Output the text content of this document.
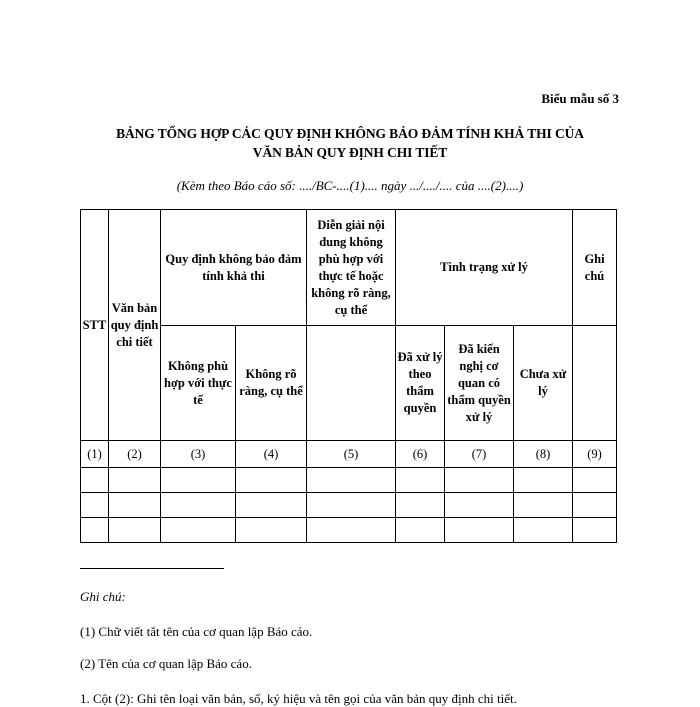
Biểu mẫu số 3
BẢNG TỔNG HỢP CÁC QUY ĐỊNH KHÔNG BẢO ĐẢM TÍNH KHẢ THI CỦA
VĂN BẢN QUY ĐỊNH CHI TIẾT
(Kèm theo Báo cáo số: ..../BC-....(1).... ngày .../..../.... của ....(2)....)
STT	Văn bản quy định chi tiết	Quy định không bảo đảm tính khả thi		Diễn giải nội dung không phù hợp với thực tế hoặc không rõ ràng, cụ thể	Tình trạng xử lý			Ghi chú
		Không phù hợp với thực tế	Không rõ ràng, cụ thể		Đã xử lý theo thẩm quyền	Đã kiến nghị cơ quan có thẩm quyền xử lý	Chưa xử lý	
(1)	(2)	(3)	(4)	(5)	(6)	(7)	(8)	(9)

Ghi chú:
(1) Chữ viết tắt tên của cơ quan lập Báo cáo.
(2) Tên của cơ quan lập Báo cáo.
1. Cột (2): Ghi tên loại văn bản, số, ký hiệu và tên gọi của văn bản quy định chi tiết.
